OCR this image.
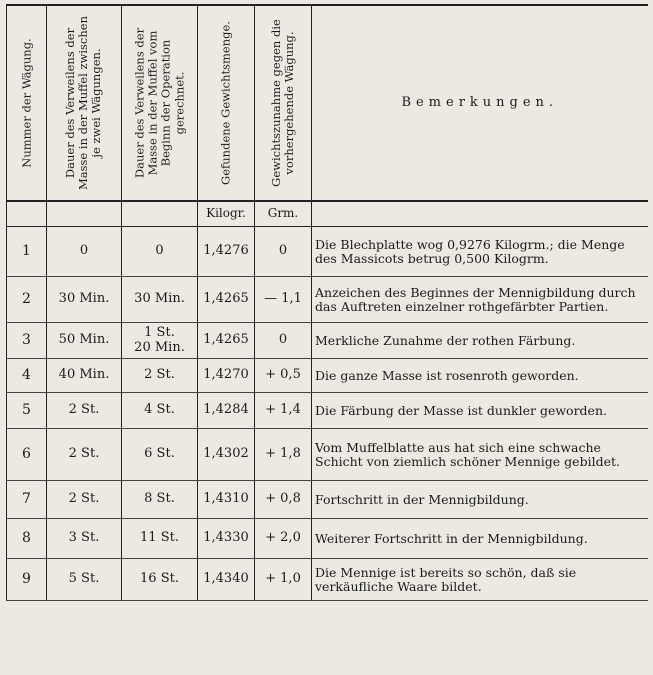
Nummer der Wägung.	Dauer des Verweilens der Masse in der Muffel zwischen je zwei Wägungen.	Dauer des Verweilens der Masse in der Muffel vom Beginn der Operation gerechnet.	Gefundene Gewichtsmenge.	Gewichtszunahme gegen die vorhergehende Wägung.	Bemerkungen.

			Kilogr.	Grm.	
1	0	0	1,4276	0	Die Blechplatte wog 0,9276 Kilogrm.; die Menge des Massicots betrug 0,500 Kilogrm.
2	30 Min.	30 Min.	1,4265	— 1,1	Anzeichen des Beginnes der Mennigbildung durch das Auftreten einzelner rothgefärbter Partien.
3	50 Min.	1 St.
20 Min.	1,4265	0	Merkliche Zunahme der rothen Färbung.
4	40 Min.	2 St.	1,4270	+ 0,5	Die ganze Masse ist rosenroth geworden.
5	2 St.	4 St.	1,4284	+ 1,4	Die Färbung der Masse ist dunkler geworden.
6	2 St.	6 St.	1,4302	+ 1,8	Vom Muffelblatte aus hat sich eine schwache Schicht von ziemlich schöner Mennige gebildet.
7	2 St.	8 St.	1,4310	+ 0,8	Fortschritt in der Mennigbildung.
8	3 St.	11 St.	1,4330	+ 2,0	Weiterer Fortschritt in der Mennigbildung.
9	5 St.	16 St.	1,4340	+ 1,0	Die Mennige ist bereits so schön, daß sie verkäufliche Waare bildet.
